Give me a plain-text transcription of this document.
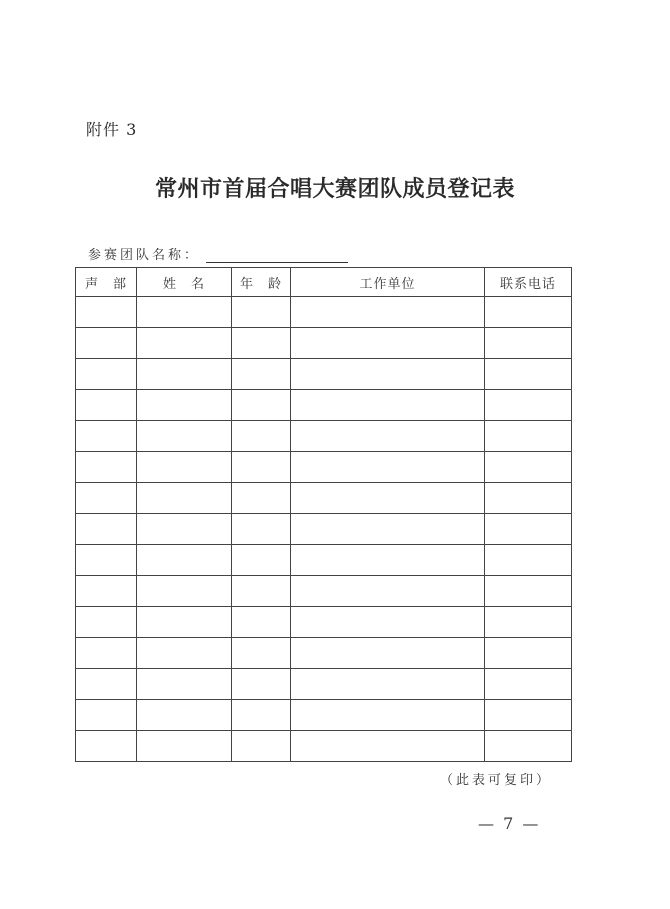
附件 3
常州市首届合唱大赛团队成员登记表
参赛团队名称：
声　部	姓　名	年　龄	工作单位	联系电话

（此表可复印）
— 7 —
